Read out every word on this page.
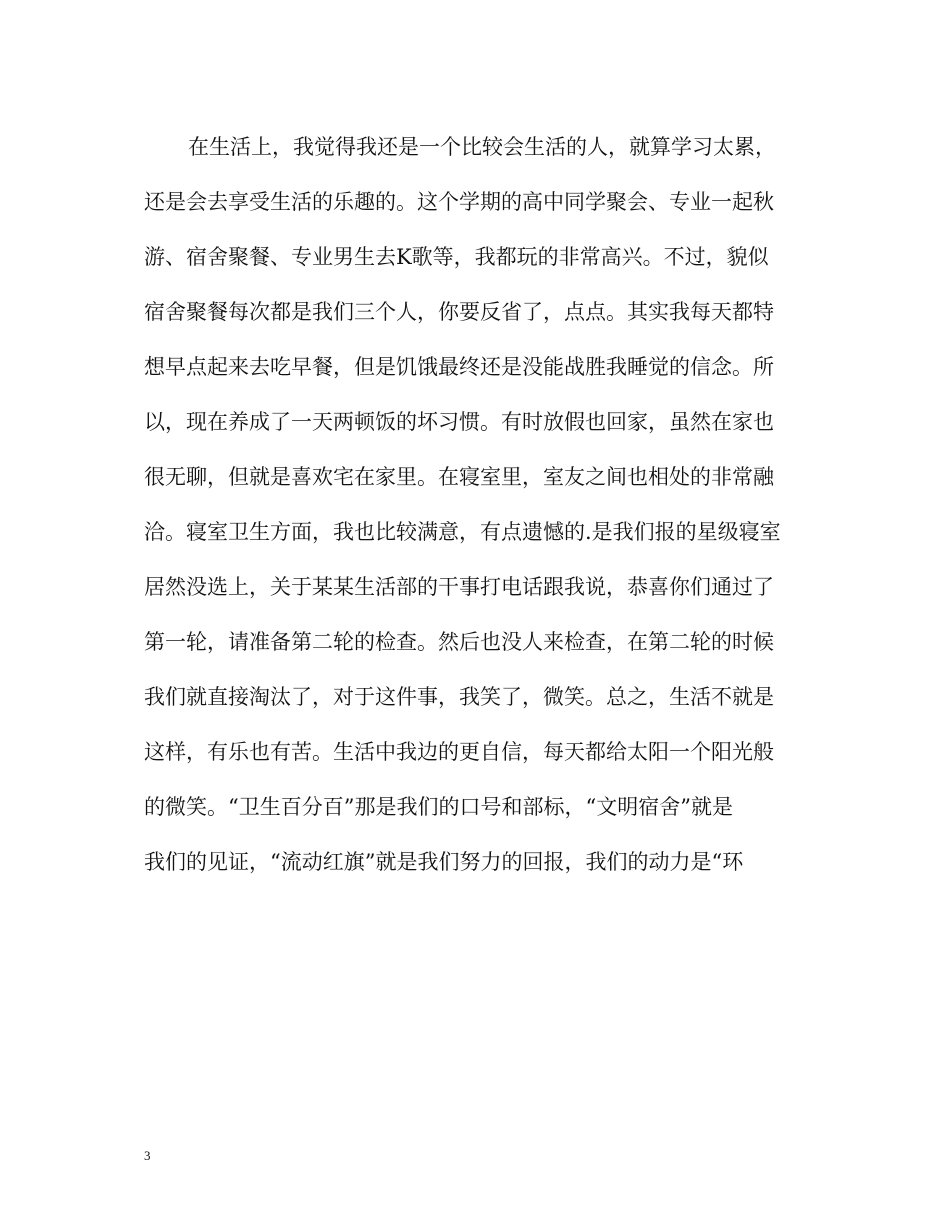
在生活上，我觉得我还是一个比较会生活的人，就算学习太累，
还是会去享受生活的乐趣的。这个学期的高中同学聚会、专业一起秋
游、宿舍聚餐、专业男生去K歌等，我都玩的非常高兴。不过，貌似
宿舍聚餐每次都是我们三个人，你要反省了，点点。其实我每天都特
想早点起来去吃早餐，但是饥饿最终还是没能战胜我睡觉的信念。所
以，现在养成了一天两顿饭的坏习惯。有时放假也回家，虽然在家也
很无聊，但就是喜欢宅在家里。在寝室里，室友之间也相处的非常融
洽。寝室卫生方面，我也比较满意，有点遗憾的.是我们报的星级寝室
居然没选上，关于某某生活部的干事打电话跟我说，恭喜你们通过了
第一轮，请准备第二轮的检查。然后也没人来检查，在第二轮的时候
我们就直接淘汰了，对于这件事，我笑了，微笑。总之，生活不就是
这样，有乐也有苦。生活中我边的更自信，每天都给太阳一个阳光般
的微笑。“卫生百分百”那是我们的口号和部标，“文明宿舍”就是
我们的见证，“流动红旗”就是我们努力的回报，我们的动力是“环
3
